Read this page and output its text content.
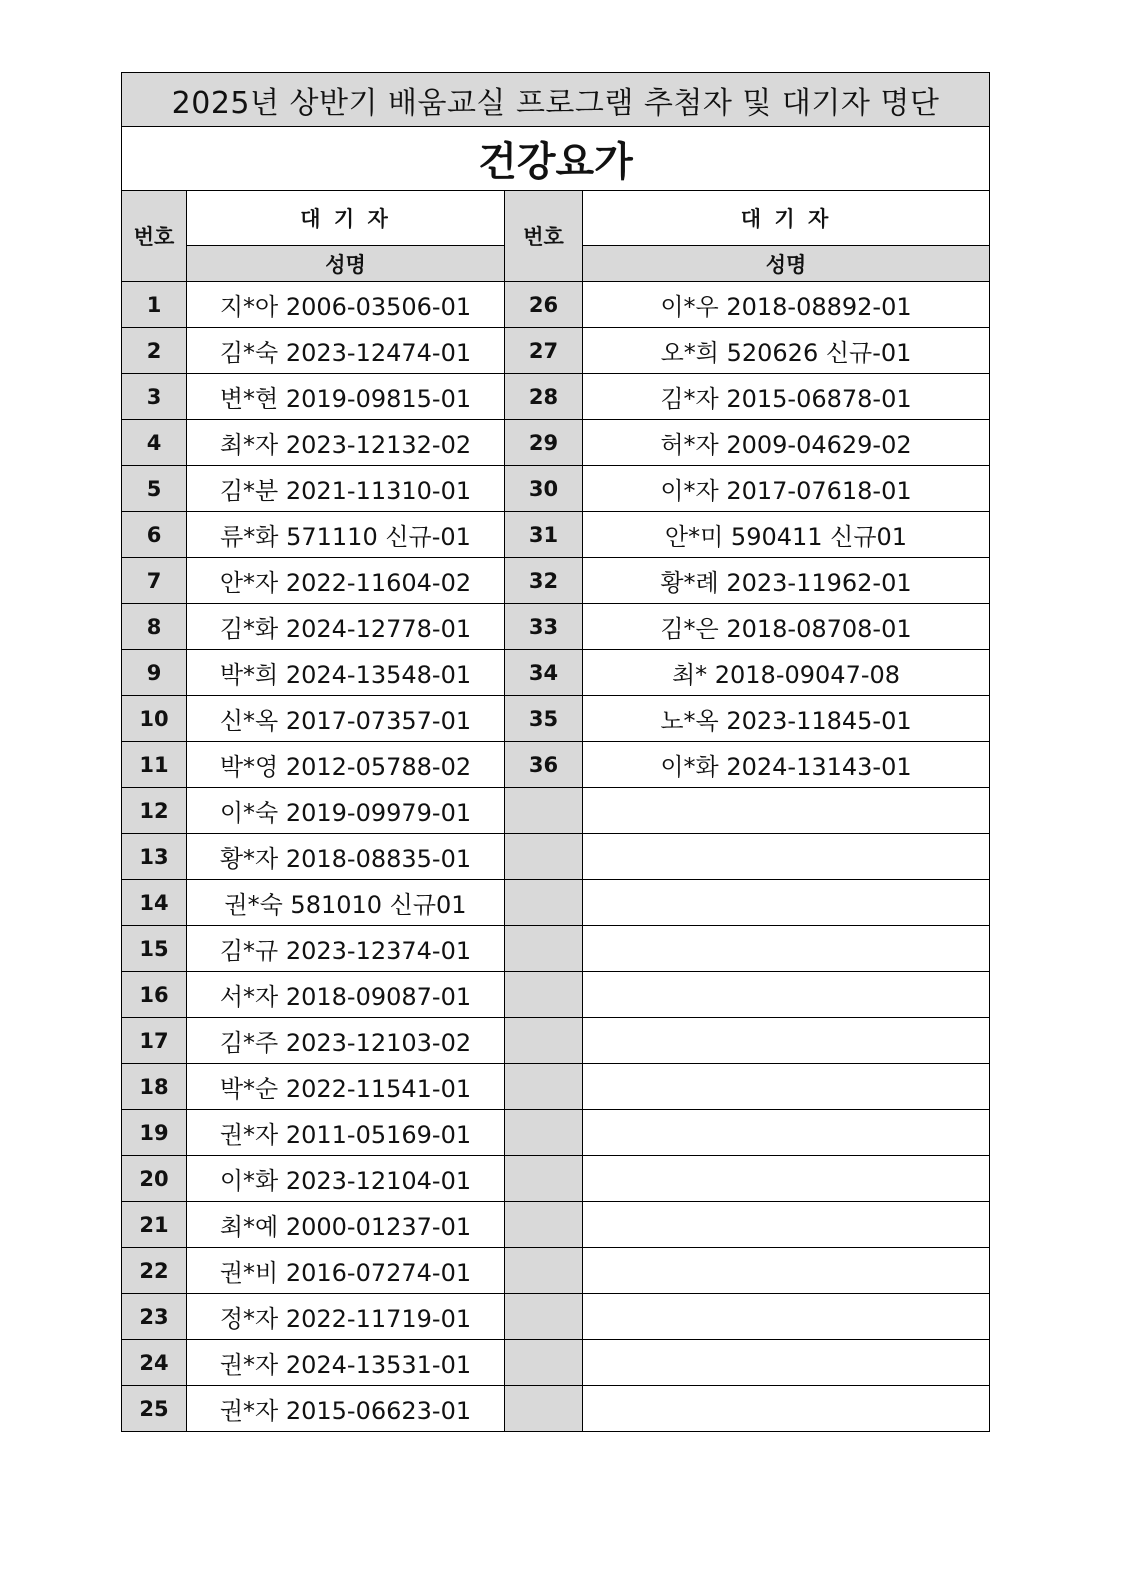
2025년 상반기 배움교실 프로그램 추첨자 및 대기자 명단			
건강요가			
번호	대 기 자	번호	대 기 자
	성명		성명
1	지*아 2006-03506-01	26	이*우 2018-08892-01
2	김*숙 2023-12474-01	27	오*희 520626 신규-01
3	변*현 2019-09815-01	28	김*자 2015-06878-01
4	최*자 2023-12132-02	29	허*자 2009-04629-02
5	김*분 2021-11310-01	30	이*자 2017-07618-01
6	류*화 571110 신규-01	31	안*미 590411 신규01
7	안*자 2022-11604-02	32	황*례 2023-11962-01
8	김*화 2024-12778-01	33	김*은 2018-08708-01
9	박*희 2024-13548-01	34	최* 2018-09047-08
10	신*옥 2017-07357-01	35	노*옥 2023-11845-01
11	박*영 2012-05788-02	36	이*화 2024-13143-01
12	이*숙 2019-09979-01		
13	황*자 2018-08835-01		
14	권*숙 581010 신규01		
15	김*규 2023-12374-01		
16	서*자 2018-09087-01		
17	김*주 2023-12103-02		
18	박*순 2022-11541-01		
19	권*자 2011-05169-01		
20	이*화 2023-12104-01		
21	최*예 2000-01237-01		
22	권*비 2016-07274-01		
23	정*자 2022-11719-01		
24	권*자 2024-13531-01		
25	권*자 2015-06623-01		
